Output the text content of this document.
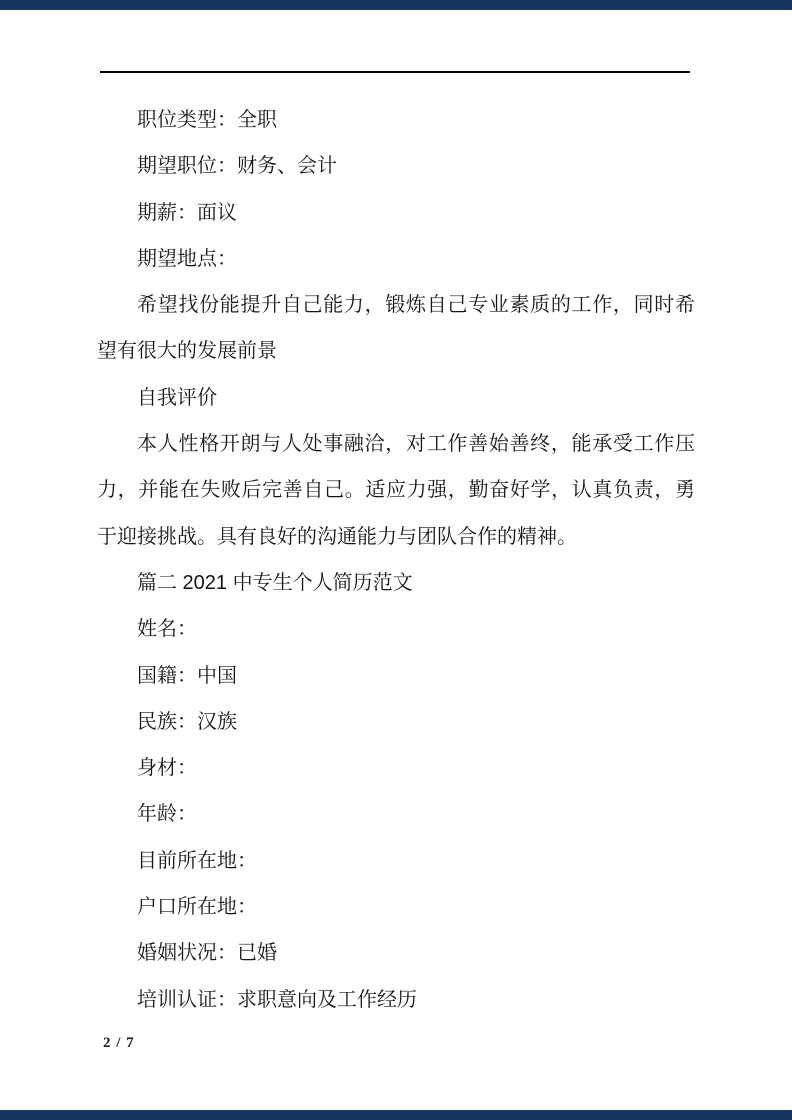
职位类型：全职
期望职位：财务、会计
期薪：面议
期望地点：
希望找份能提升自己能力，锻炼自己专业素质的工作，同时希
望有很大的发展前景
自我评价
本人性格开朗与人处事融洽，对工作善始善终，能承受工作压
力，并能在失败后完善自己。适应力强，勤奋好学，认真负责，勇
于迎接挑战。具有良好的沟通能力与团队合作的精神。
篇二 2021 中专生个人简历范文
姓名：
国籍：中国
民族：汉族
身材：
年龄：
目前所在地：
户口所在地：
婚姻状况：已婚
培训认证：求职意向及工作经历
2 / 7
